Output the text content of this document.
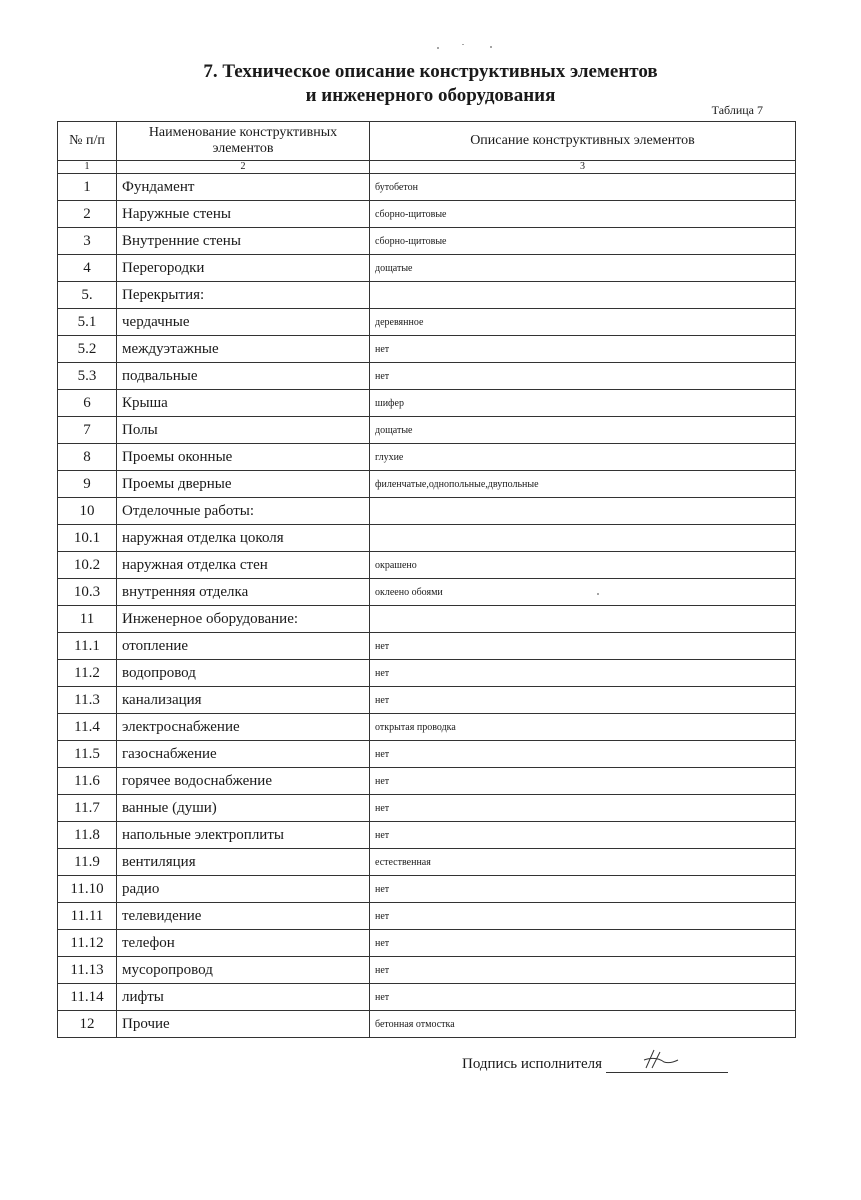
7. Техническое описание конструктивных элементов
и инженерного оборудования
Таблица 7
№ п/п	Наименование конструктивных элементов	Описание конструктивных элементов
1	2	3
1	Фундамент	бутобетон
2	Наружные стены	сборно-щитовые
3	Внутренние стены	сборно-щитовые
4	Перегородки	дощатые
5.	Перекрытия:	
5.1	чердачные	деревянное
5.2	междуэтажные	нет
5.3	подвальные	нет
6	Крыша	шифер
7	Полы	дощатые
8	Проемы оконные	глухие
9	Проемы дверные	филенчатые,однопольные,двупольные
10	Отделочные работы:	
10.1	наружная отделка цоколя	
10.2	наружная отделка стен	окрашено
10.3	внутренняя отделка	оклеено обоями
11	Инженерное оборудование:	
11.1	отопление	нет
11.2	водопровод	нет
11.3	канализация	нет
11.4	электроснабжение	открытая проводка
11.5	газоснабжение	нет
11.6	горячее водоснабжение	нет
11.7	ванные (души)	нет
11.8	напольные электроплиты	нет
11.9	вентиляция	естественная
11.10	радио	нет
11.11	телевидение	нет
11.12	телефон	нет
11.13	мусоропровод	нет
11.14	лифты	нет
12	Прочие	бетонная отмостка
Подпись исполнителя
